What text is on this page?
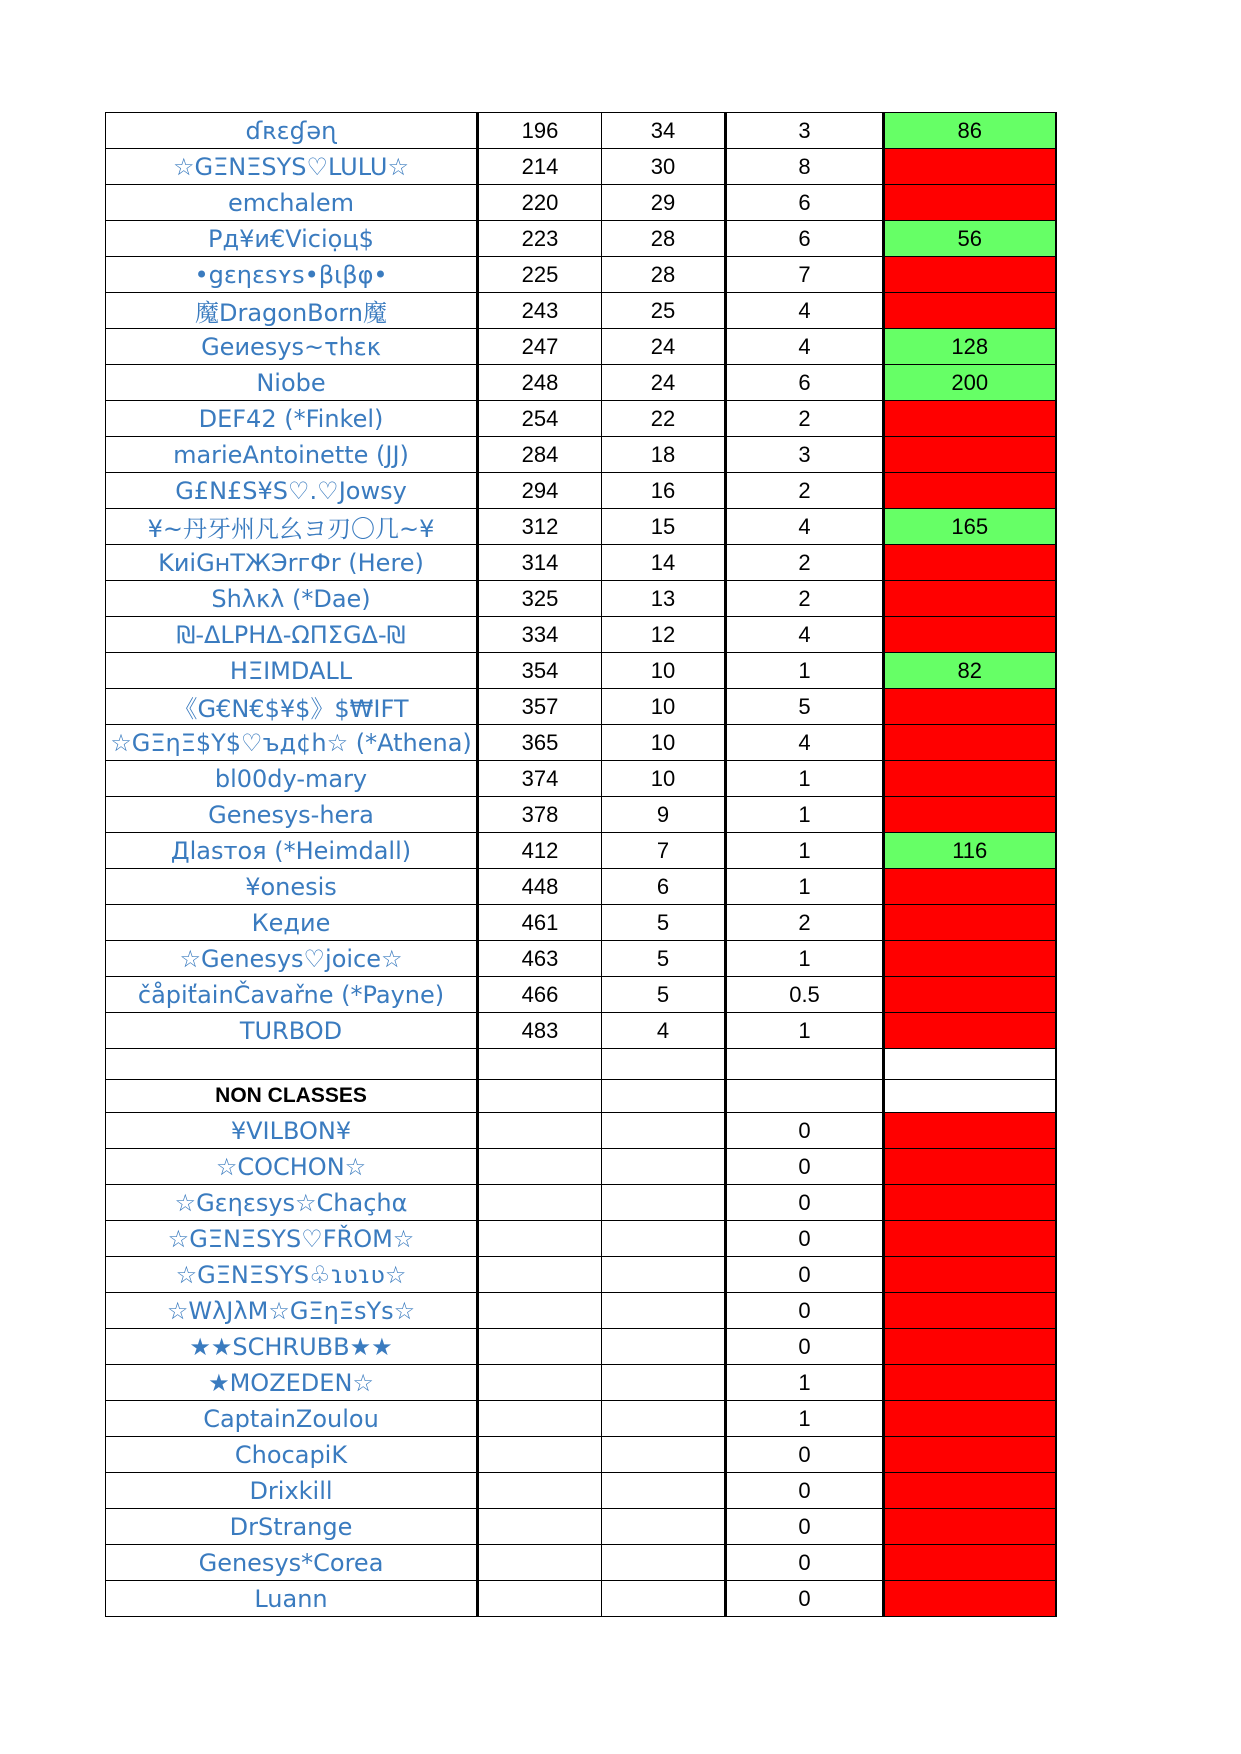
ɗʀɛɠǝɳ	196	34	3	86
☆GΞNΞSYS♡LULU☆	214	30	8	
emchalem	220	29	6	
Pд¥и€Viciọц$	223	28	6	56
•gɛηɛsʏs•βιβφ•	225	28	7	
魔DragonBorn魔	243	25	4	
Geиesys~τhεκ	247	24	4	128
Niobe	248	24	6	200
DEF42 (*Finkel)	254	22	2	
marieAntoinette (JJ)	284	18	3	
G£N£S¥S♡.♡Jowsy	294	16	2	
¥~丹牙州凡幺ヨ刃〇几~¥	312	15	4	165
KиiGнTЖЭrгФr (Here)	314	14	2	
Shλκλ (*Dae)	325	13	2	
₪-ΔLPHΔ-ΩΠΣGΔ-₪	334	12	4	
HΞIMDALL	354	10	1	82
《G€N€$¥$》$₩IFT	357	10	5	
☆GΞηΞ$Y$♡ъд¢h☆ (*Athena)	365	10	4	
bl00dy-mary	374	10	1	
Genesys-hera	378	9	1	
Дlaѕтoя (*Heimdall)	412	7	1	116
¥onesis	448	6	1	
Кедие	461	5	2	
☆Genesys♡joice☆	463	5	1	
čåpiťainČavařne (*Payne)	466	5	0.5	
TURBOD	483	4	1	

NON CLASSES				
¥VILBON¥			0	
☆COCHON☆			0	
☆Gεηεsys☆Chaçhα			0	
☆GΞNΞSYS♡FŘOM☆			0	
☆GΞNΞSYS♧ɿʋɿʋ☆			0	
☆WλJλM☆GΞηΞsYs☆			0	
★★SCHRUBB★★			0	
★MOZEDEN☆			1	
CaptainZoulou			1	
ChocapiK			0	
Drixkill			0	
DrStrange			0	
Genesys*Corea			0	
Luann			0	
